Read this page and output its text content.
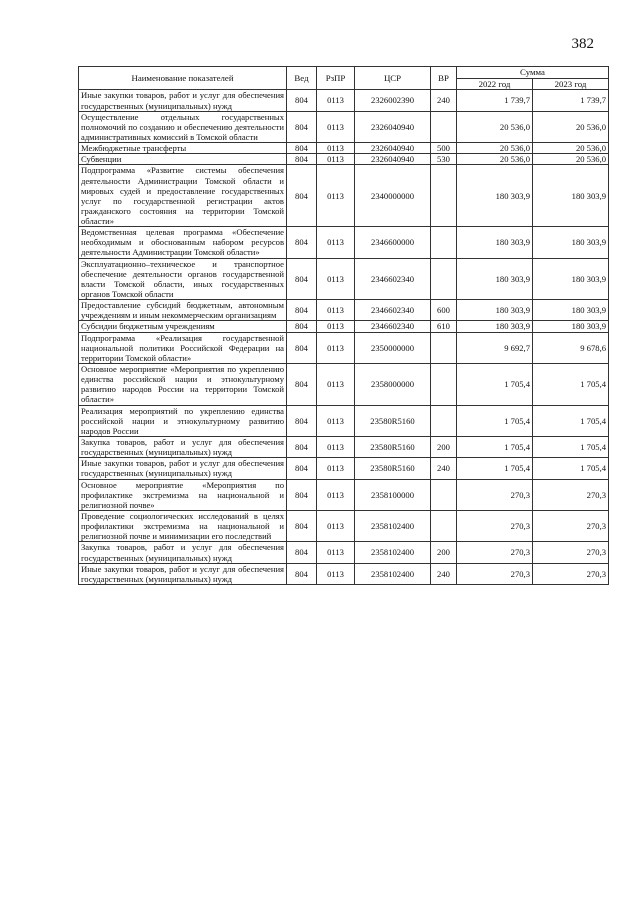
382
Наименование показателей	Вед	РзПР	ЦСР	ВР	Сумма	
					2022 год	2023 год
Иные закупки товаров, работ и услуг для обеспечения государственных (муниципальных) нужд	804	0113	2326002390	240	1 739,7	1 739,7
Осуществление отдельных государственных полномочий по созданию и обеспечению деятельности административных комиссий в Томской области	804	0113	2326040940		20 536,0	20 536,0
Межбюджетные трансферты	804	0113	2326040940	500	20 536,0	20 536,0
Субвенции	804	0113	2326040940	530	20 536,0	20 536,0
Подпрограмма «Развитие системы обеспечения деятельности Администрации Томской области и мировых судей и предоставление государственных услуг по государственной регистрации актов гражданского состояния на территории Томской области»	804	0113	2340000000		180 303,9	180 303,9
Ведомственная целевая программа «Обеспечение необходимым и обоснованным набором ресурсов деятельности Администрации Томской области»	804	0113	2346600000		180 303,9	180 303,9
Эксплуатационно–техническое и транспортное обеспечение деятельности органов государственной власти Томской области, иных государственных органов Томской области	804	0113	2346602340		180 303,9	180 303,9
Предоставление субсидий бюджетным, автономным учреждениям и иным некоммерческим организациям	804	0113	2346602340	600	180 303,9	180 303,9
Субсидии бюджетным учреждениям	804	0113	2346602340	610	180 303,9	180 303,9
Подпрограмма «Реализация государственной национальной политики Российской Федерации на территории Томской области»	804	0113	2350000000		9 692,7	9 678,6
Основное мероприятие «Мероприятия по укреплению единства российской нации и этнокультурному развитию народов России на территории Томской области»	804	0113	2358000000		1 705,4	1 705,4
Реализация мероприятий по укреплению единства российской нации и этнокультурному развитию народов России	804	0113	23580R5160		1 705,4	1 705,4
Закупка товаров, работ и услуг для обеспечения государственных (муниципальных) нужд	804	0113	23580R5160	200	1 705,4	1 705,4
Иные закупки товаров, работ и услуг для обеспечения государственных (муниципальных) нужд	804	0113	23580R5160	240	1 705,4	1 705,4
Основное мероприятие «Мероприятия по профилактике экстремизма на национальной и религиозной почве»	804	0113	2358100000		270,3	270,3
Проведение социологических исследований в целях профилактики экстремизма на национальной и религиозной почве и минимизации его последствий	804	0113	2358102400		270,3	270,3
Закупка товаров, работ и услуг для обеспечения государственных (муниципальных) нужд	804	0113	2358102400	200	270,3	270,3
Иные закупки товаров, работ и услуг для обеспечения государственных (муниципальных) нужд	804	0113	2358102400	240	270,3	270,3
